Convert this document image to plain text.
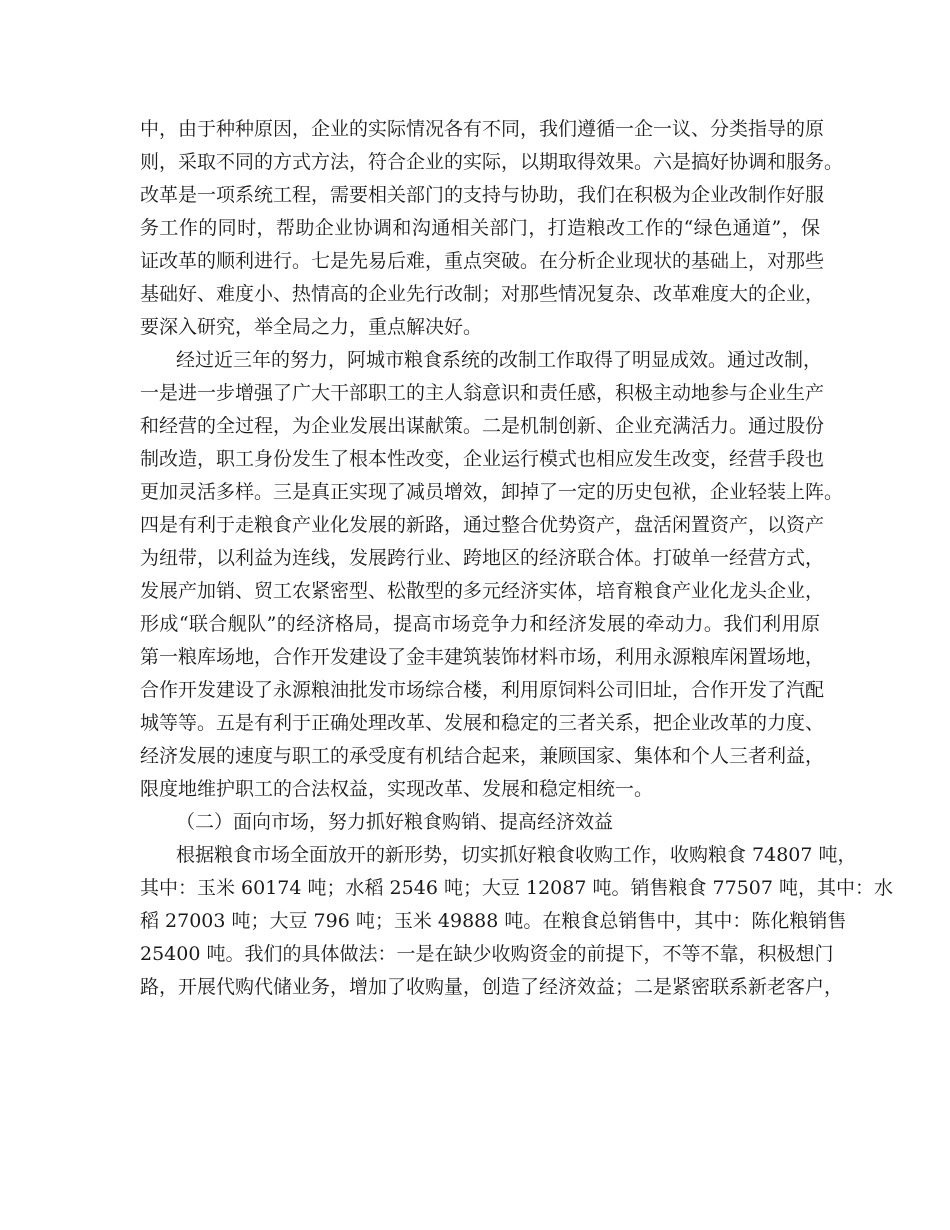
中，由于种种原因，企业的实际情况各有不同，我们遵循一企一议、分类指导的原
则，采取不同的方式方法，符合企业的实际，以期取得效果。六是搞好协调和服务。
改革是一项系统工程，需要相关部门的支持与协助，我们在积极为企业改制作好服
务工作的同时，帮助企业协调和沟通相关部门，打造粮改工作的“绿色通道”，保
证改革的顺利进行。七是先易后难，重点突破。在分析企业现状的基础上，对那些
基础好、难度小、热情高的企业先行改制；对那些情况复杂、改革难度大的企业，
要深入研究，举全局之力，重点解决好。
经过近三年的努力，阿城市粮食系统的改制工作取得了明显成效。通过改制，
一是进一步增强了广大干部职工的主人翁意识和责任感，积极主动地参与企业生产
和经营的全过程，为企业发展出谋献策。二是机制创新、企业充满活力。通过股份
制改造，职工身份发生了根本性改变，企业运行模式也相应发生改变，经营手段也
更加灵活多样。三是真正实现了减员增效，卸掉了一定的历史包袱，企业轻装上阵。
四是有利于走粮食产业化发展的新路，通过整合优势资产，盘活闲置资产，以资产
为纽带，以利益为连线，发展跨行业、跨地区的经济联合体。打破单一经营方式，
发展产加销、贸工农紧密型、松散型的多元经济实体，培育粮食产业化龙头企业，
形成“联合舰队”的经济格局，提高市场竞争力和经济发展的牵动力。我们利用原
第一粮库场地，合作开发建设了金丰建筑装饰材料市场，利用永源粮库闲置场地，
合作开发建设了永源粮油批发市场综合楼，利用原饲料公司旧址，合作开发了汽配
城等等。五是有利于正确处理改革、发展和稳定的三者关系，把企业改革的力度、
经济发展的速度与职工的承受度有机结合起来，兼顾国家、集体和个人三者利益，
限度地维护职工的合法权益，实现改革、发展和稳定相统一。
（二）面向市场，努力抓好粮食购销、提高经济效益
根据粮食市场全面放开的新形势，切实抓好粮食收购工作，收购粮食 74807 吨，
其中：玉米 60174 吨；水稻 2546 吨；大豆 12087 吨。销售粮食 77507 吨，其中：水
稻 27003 吨；大豆 796 吨；玉米 49888 吨。在粮食总销售中，其中：陈化粮销售
25400 吨。我们的具体做法：一是在缺少收购资金的前提下，不等不靠，积极想门
路，开展代购代储业务，增加了收购量，创造了经济效益；二是紧密联系新老客户，
